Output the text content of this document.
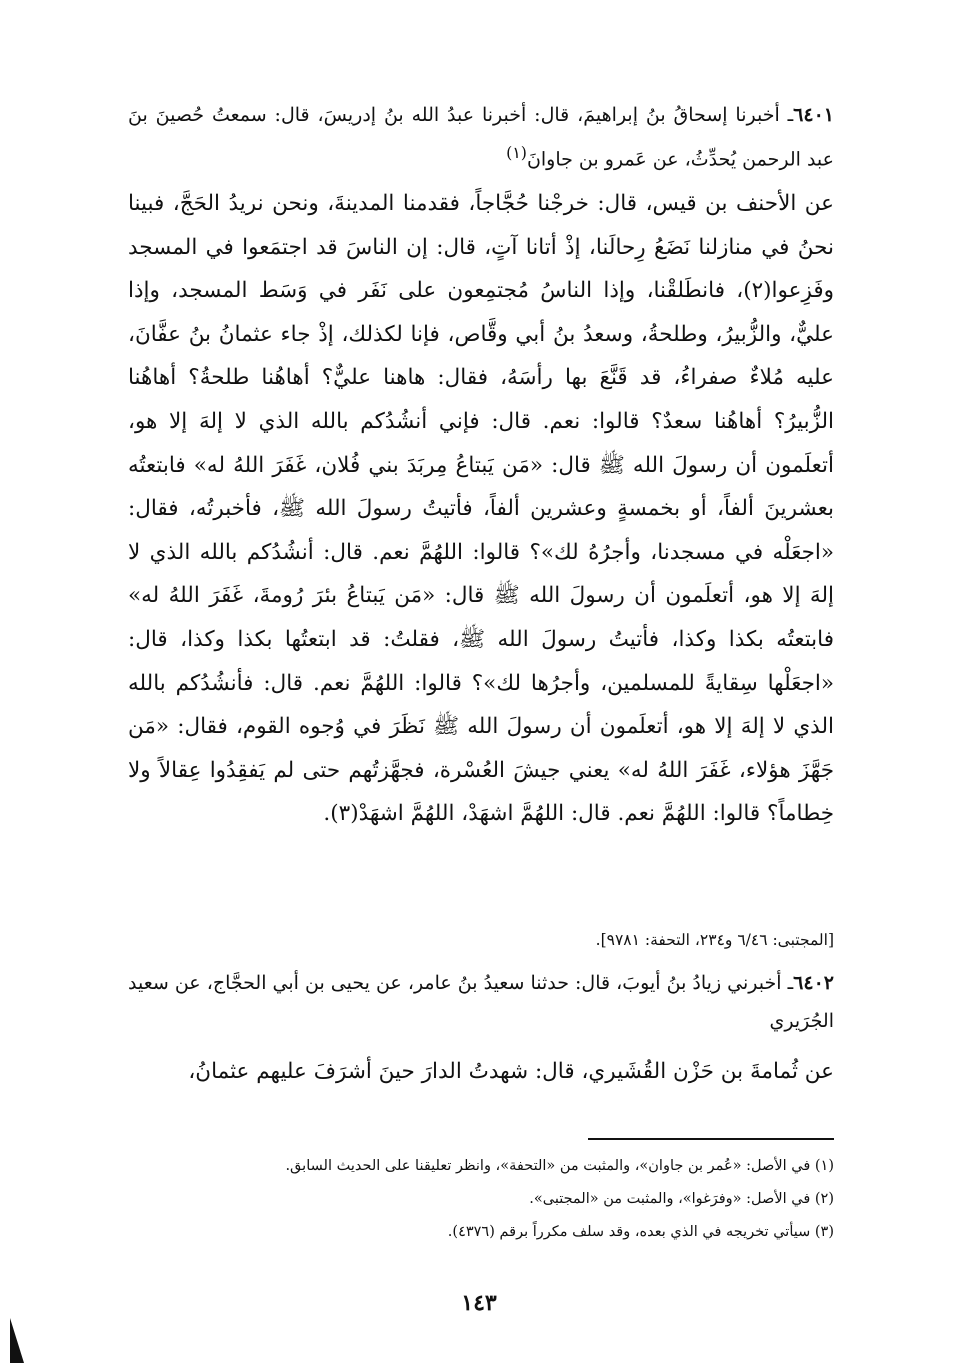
٦٤٠١ـ أخبرنا إسحاقُ بنُ إبراهيمَ، قال: أخبرنا عبدُ الله بنُ إدريسَ، قال: سمعتُ حُصينَ بنَ عبد الرحمن يُحدِّثُ، عن عَمرو بن جاوانَ$^{(١)}$
عن الأحنف بن قيس، قال: خرجْنا حُجَّاجاً، فقدمنا المدينةَ، ونحن نريدُ الحَجَّ، فبينا نحنُ في منازلنا نَضَعُ رِحالَنا، إذْ أتانا آتٍ، قال: إن الناسَ قد اجتمَعوا في المسجد وفَزِعوا(٢)، فانطَلقْنا، وإذا الناسُ مُجتمِعون على نَفَر في وَسَط المسجد، وإذا عليٌّ، والزُّبيرُ، وطلحةُ، وسعدُ بنُ أبي وقَّاص، فإنا لكذلك، إذْ جاء عثمانُ بنُ عفَّانَ، عليه مُلاءٌ صفراءُ، قد قَنَّعَ بها رأسَهُ، فقال: هاهنا عليٌّ؟ أهاهُنا طلحةُ؟ أهاهُنا الزُّبيرُ؟ أهاهُنا سعدٌ؟ قالوا: نعم. قال: فإني أنشُدُكم بالله الذي لا إلهَ إلا هو، أتعلَمون أن رسولَ الله ﷺ قال: «مَن يَبتاعُ مِربَدَ بني فُلان، غَفَرَ اللهُ له» فابتعتُه بعشرينَ ألفاً، أو بخمسةٍ وعشرين ألفاً، فأتيتُ رسولَ الله ﷺ، فأخبرتُه، فقال: «اجعَلْه في مسجدنا، وأجرُهُ لك»؟ قالوا: اللهُمَّ نعم. قال: أنشُدُكم بالله الذي لا إلهَ إلا هو، أتعلَمون أن رسولَ الله ﷺ قال: «مَن يَبتاعُ بئرَ رُومةَ، غَفَرَ اللهُ له» فابتعتُه بكذا وكذا، فأتيتُ رسولَ الله ﷺ، فقلتُ: قد ابتعتُها بكذا وكذا، قال: «اجعَلْها سِقايةً للمسلمين، وأجرُها لك»؟ قالوا: اللهُمَّ نعم. قال: فأنشُدُكم بالله الذي لا إلهَ إلا هو، أتعلَمون أن رسولَ الله ﷺ نَظَرَ في وُجوه القوم، فقال: «مَن جَهَّزَ هؤلاء، غَفَرَ اللهُ له» يعني جيشَ العُسْرة، فجهَّزتُهم حتى لم يَفقِدُوا عِقالاً ولا خِطاماً؟ قالوا: اللهُمَّ نعم. قال: اللهُمَّ اشهَدْ، اللهُمَّ اشهَدْ(٣).
[المجتبى: ٦/٤٦ و٢٣٤، التحفة: ٩٧٨١].
٦٤٠٢ـ أخبرني زيادُ بنُ أيوبَ، قال: حدثنا سعيدُ بنُ عامر، عن يحيى بن أبي الحجَّاج، عن سعيد الجُرَيري
عن ثُمامةَ بن حَزْن القُشَيري، قال: شهدتُ الدارَ حينَ أشرَفَ عليهم عثمانُ،
(١) في الأصل: «عُمر بن جاوان»، والمثبت من «التحفة»، وانظر تعليقنا على الحديث السابق.
(٢) في الأصل: «وفرَغوا»، والمثبت من «المجتبى».
(٣) سيأتي تخريجه في الذي بعده، وقد سلف مكرراً برقم (٤٣٧٦).
١٤٣
